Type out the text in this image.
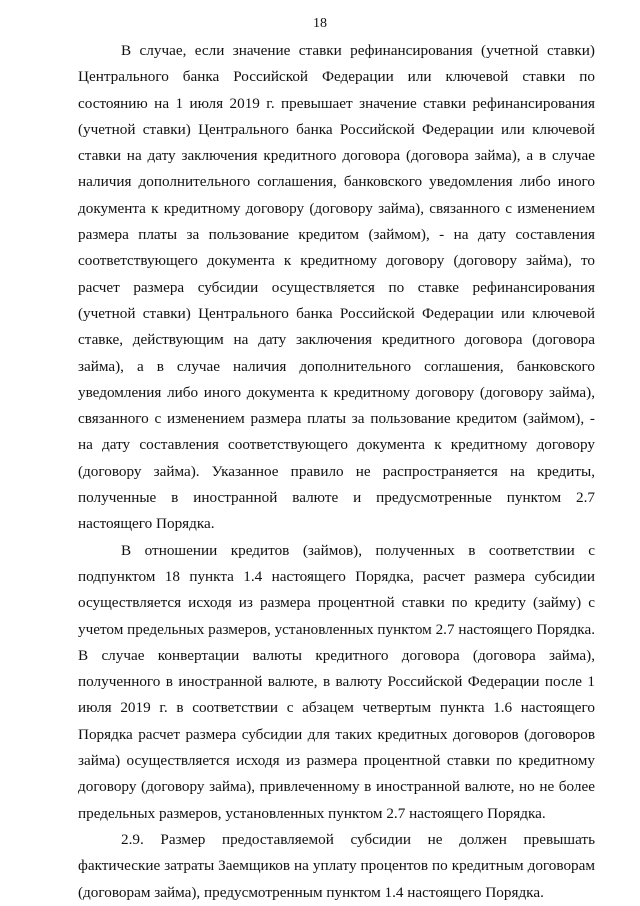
18

В случае, если значение ставки рефинансирования (учетной ставки) Центрального банка Российской Федерации или ключевой ставки по состоянию на 1 июля 2019 г. превышает значение ставки рефинансирования (учетной ставки) Центрального банка Российской Федерации или ключевой ставки на дату заключения кредитного договора (договора займа), а в случае наличия дополнительного соглашения, банковского уведомления либо иного документа к кредитному договору (договору займа), связанного с изменением размера платы за пользование кредитом (займом), - на дату составления соответствующего документа к кредитному договору (договору займа), то расчет размера субсидии осуществляется по ставке рефинансирования (учетной ставки) Центрального банка Российской Федерации или ключевой ставке, действующим на дату заключения кредитного договора (договора займа), а в случае наличия дополнительного соглашения, банковского уведомления либо иного документа к кредитному договору (договору займа), связанного с изменением размера платы за пользование кредитом (займом), - на дату составления соответствующего документа к кредитному договору (договору займа). Указанное правило не распространяется на кредиты, полученные в иностранной валюте и предусмотренные пунктом 2.7 настоящего Порядка.

В отношении кредитов (займов), полученных в соответствии с подпунктом 18 пункта 1.4 настоящего Порядка, расчет размера субсидии осуществляется исходя из размера процентной ставки по кредиту (займу) с учетом предельных размеров, установленных пунктом 2.7 настоящего Порядка. В случае конвертации валюты кредитного договора (договора займа), полученного в иностранной валюте, в валюту Российской Федерации после 1 июля 2019 г. в соответствии с абзацем четвертым пункта 1.6 настоящего Порядка расчет размера субсидии для таких кредитных договоров (договоров займа) осуществляется исходя из размера процентной ставки по кредитному договору (договору займа), привлеченному в иностранной валюте, но не более предельных размеров, установленных пунктом 2.7 настоящего Порядка.

2.9. Размер предоставляемой субсидии не должен превышать фактические затраты Заемщиков на уплату процентов по кредитным договорам (договорам займа), предусмотренным пунктом 1.4 настоящего Порядка.
